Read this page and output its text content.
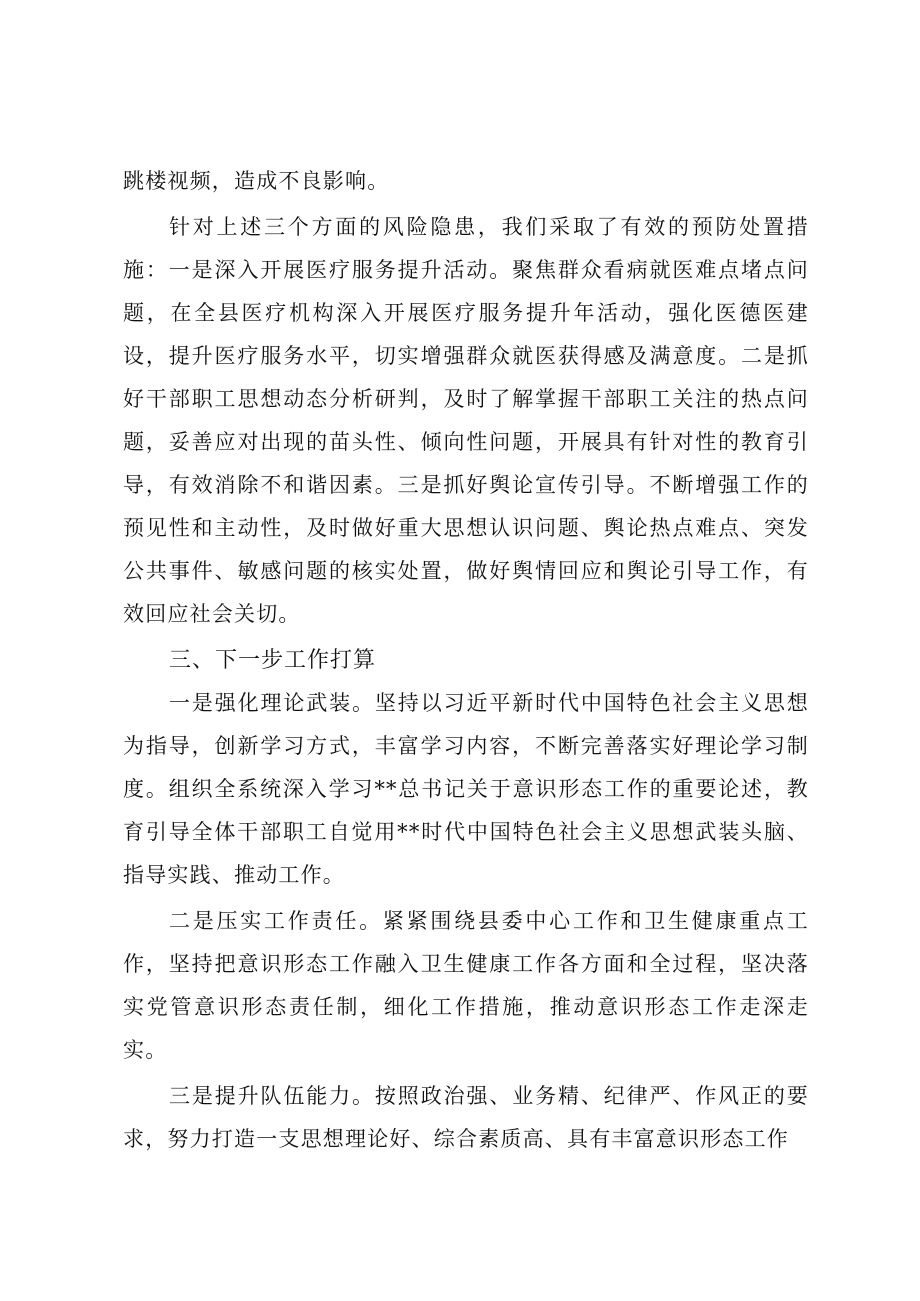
跳楼视频，造成不良影响。

针对上述三个方面的风险隐患，我们采取了有效的预防处置措施：一是深入开展医疗服务提升活动。聚焦群众看病就医难点堵点问题，在全县医疗机构深入开展医疗服务提升年活动，强化医德医建设，提升医疗服务水平，切实增强群众就医获得感及满意度。二是抓好干部职工思想动态分析研判，及时了解掌握干部职工关注的热点问题，妥善应对出现的苗头性、倾向性问题，开展具有针对性的教育引导，有效消除不和谐因素。三是抓好舆论宣传引导。不断增强工作的预见性和主动性，及时做好重大思想认识问题、舆论热点难点、突发公共事件、敏感问题的核实处置，做好舆情回应和舆论引导工作，有效回应社会关切。

三、下一步工作打算

一是强化理论武装。坚持以习近平新时代中国特色社会主义思想为指导，创新学习方式，丰富学习内容，不断完善落实好理论学习制度。组织全系统深入学习**总书记关于意识形态工作的重要论述，教育引导全体干部职工自觉用**时代中国特色社会主义思想武装头脑、指导实践、推动工作。

二是压实工作责任。紧紧围绕县委中心工作和卫生健康重点工作，坚持把意识形态工作融入卫生健康工作各方面和全过程，坚决落实党管意识形态责任制，细化工作措施，推动意识形态工作走深走实。

三是提升队伍能力。按照政治强、业务精、纪律严、作风正的要求，努力打造一支思想理论好、综合素质高、具有丰富意识形态工作
